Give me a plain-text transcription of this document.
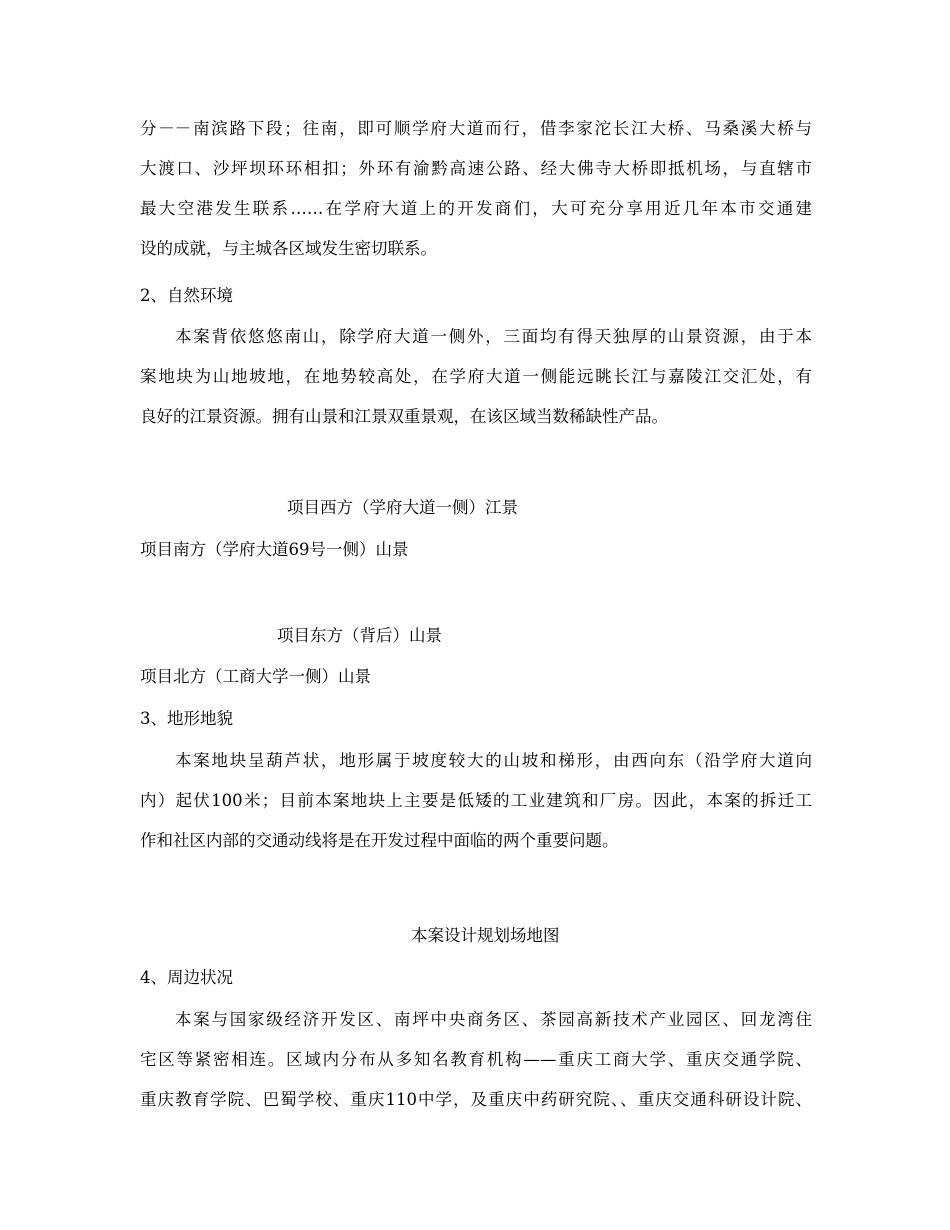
分－－南滨路下段；往南，即可顺学府大道而行，借李家沱长江大桥、马桑溪大桥与
大渡口、沙坪坝环环相扣；外环有渝黔高速公路、经大佛寺大桥即抵机场，与直辖市
最大空港发生联系……在学府大道上的开发商们，大可充分享用近几年本市交通建
设的成就，与主城各区域发生密切联系。
2、自然环境
本案背依悠悠南山，除学府大道一侧外，三面均有得天独厚的山景资源，由于本
案地块为山地坡地，在地势较高处，在学府大道一侧能远眺长江与嘉陵江交汇处，有
良好的江景资源。拥有山景和江景双重景观，在该区域当数稀缺性产品。
项目西方（学府大道一侧）江景
项目南方（学府大道69号一侧）山景
项目东方（背后）山景
项目北方（工商大学一侧）山景
3、地形地貌
本案地块呈葫芦状，地形属于坡度较大的山坡和梯形，由西向东（沿学府大道向
内）起伏100米；目前本案地块上主要是低矮的工业建筑和厂房。因此，本案的拆迁工
作和社区内部的交通动线将是在开发过程中面临的两个重要问题。
本案设计规划场地图
4、周边状况
本案与国家级经济开发区、南坪中央商务区、茶园高新技术产业园区、回龙湾住
宅区等紧密相连。区域内分布从多知名教育机构——重庆工商大学、重庆交通学院、
重庆教育学院、巴蜀学校、重庆110中学，及重庆中药研究院、、重庆交通科研设计院、
